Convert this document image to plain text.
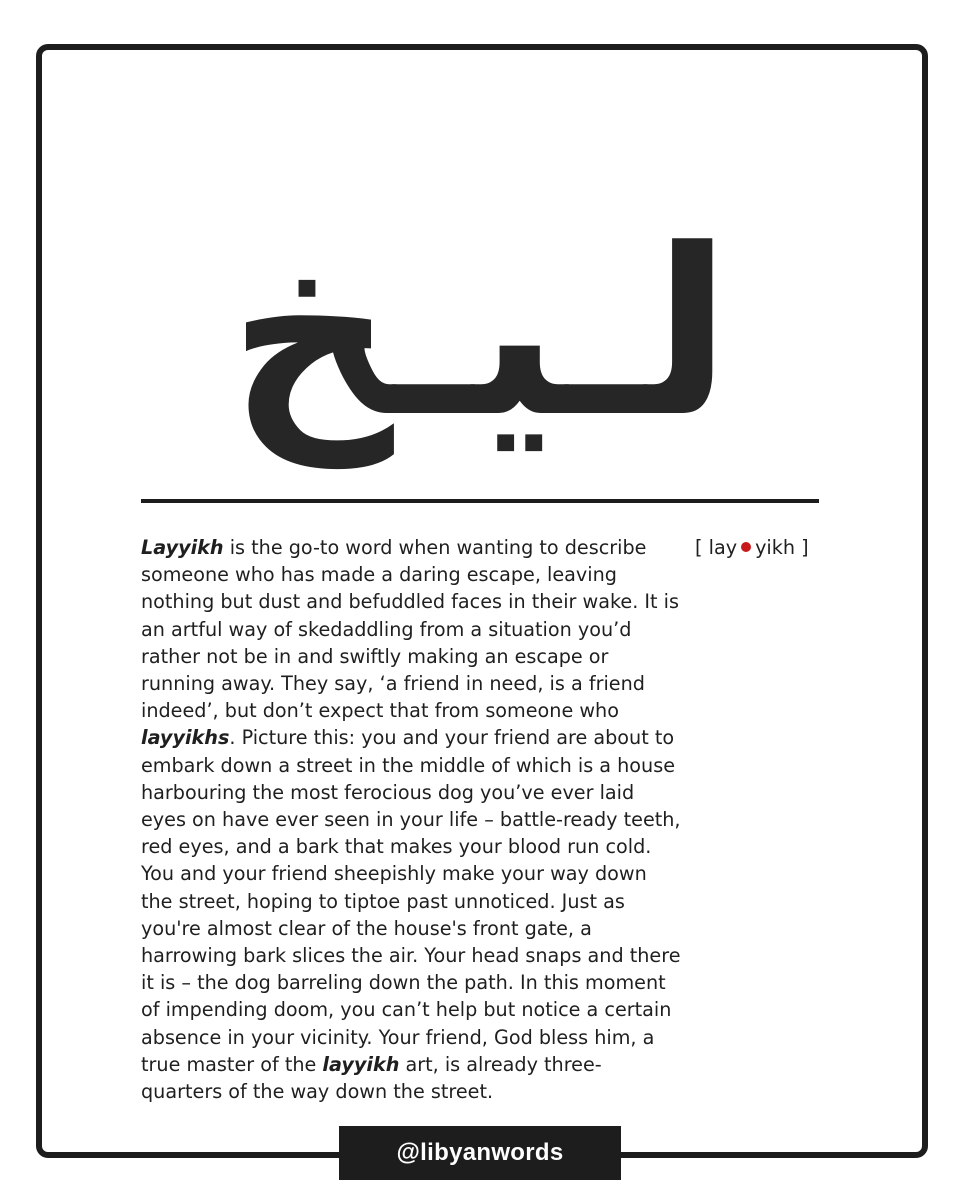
لـيـخ

Layyikh is the go-to word when wanting to describe someone who has made a daring escape, leaving nothing but dust and befuddled faces in their wake. It is an artful way of skedaddling from a situation you’d rather not be in and swiftly making an escape or running away. They say, ‘a friend in need, is a friend indeed’, but don’t expect that from someone who layyikhs. Picture this: you and your friend are about to embark down a street in the middle of which is a house harbouring the most ferocious dog you’ve ever laid eyes on have ever seen in your life – battle-ready teeth, red eyes, and a bark that makes your blood run cold. You and your friend sheepishly make your way down the street, hoping to tiptoe past unnoticed. Just as you're almost clear of the house's front gate, a harrowing bark slices the air. Your head snaps and there it is – the dog barreling down the path. In this moment of impending doom, you can’t help but notice a certain absence in your vicinity. Your friend, God bless him, a true master of the layyikh art, is already three-quarters of the way down the street.

[ lay yikh ]
@libyanwords
